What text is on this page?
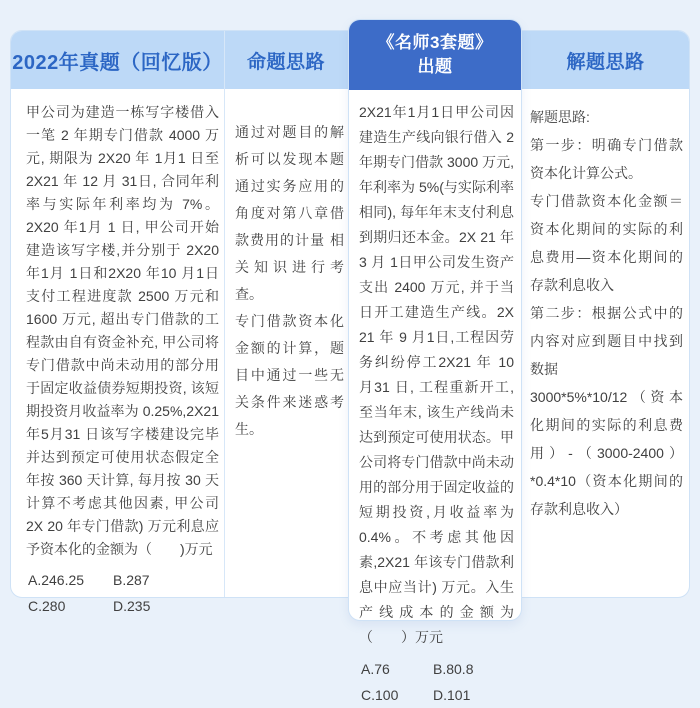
2022年真题（回忆版）	命题思路	解题思路

甲公司为建造一栋写字楼借入一笔 2 年期专门借款 4000 万元, 期限为 2X20 年 1月1 日至 2X21 年 12 月 31日, 合同年利率与实际年利率均为 7%。2X20 年1月 1 日, 甲公司开始建造该写字楼,并分别于 2X20 年1月 1日和2X20 年10 月1日支付工程进度款 2500 万元和 1600 万元, 超出专门借款的工程款由自有资金补充, 甲公司将专门借款中尚未动用的部分用于固定收益债券短期投资, 该短期投资月收益率为 0.25%,2X21年5月31 日该写字楼建设完毕并达到预定可使用状态假定全年按 360 天计算, 每月按 30 天计算不考虑其他因素, 甲公司 2X 20 年专门借款) 万元利息应予资本化的金额为（　　)万元

A.246.25	B.287
C.280	D.235

通过对题目的解析可以发现本题通过实务应用的角度对第八章借款费用的计量 相关知识进行考查。

专门借款资本化金额的计算，题目中通过一些无关条件来迷惑考生。

解题思路:

第一步：明确专门借款资本化计算公式。

专门借款资本化金额＝资本化期间的实际的利息费用—资本化期间的存款利息收入

第二步：根据公式中的内容对应到题目中找到数据

3000*5%*10/12（资本化期间的实际的利息费用）-（3000-2400）*0.4*10（资本化期间的存款利息收入）

《名师3套题》
出题

2X21年1月1日甲公司因建造生产线向银行借入 2 年期专门借款 3000 万元,年利率为 5%(与实际利率相同), 每年年末支付利息到期归还本金。2X 21 年 3 月 1日甲公司发生资产支出 2400 万元, 并于当日开工建造生产线。2X 21 年 9 月1日,工程因劳务纠纷停工2X21 年 10 月31 日, 工程重新开工, 至当年末, 该生产线尚未达到预定可使用状态。甲公司将专门借款中尚未动用的部分用于固定收益的短期投资,月收益率为 0.4%。不考虑其他因素,2X21 年该专门借款利息中应当计) 万元。入生产线成本的金额为（　　）万元

A.76	B.80.8
C.100	D.101
